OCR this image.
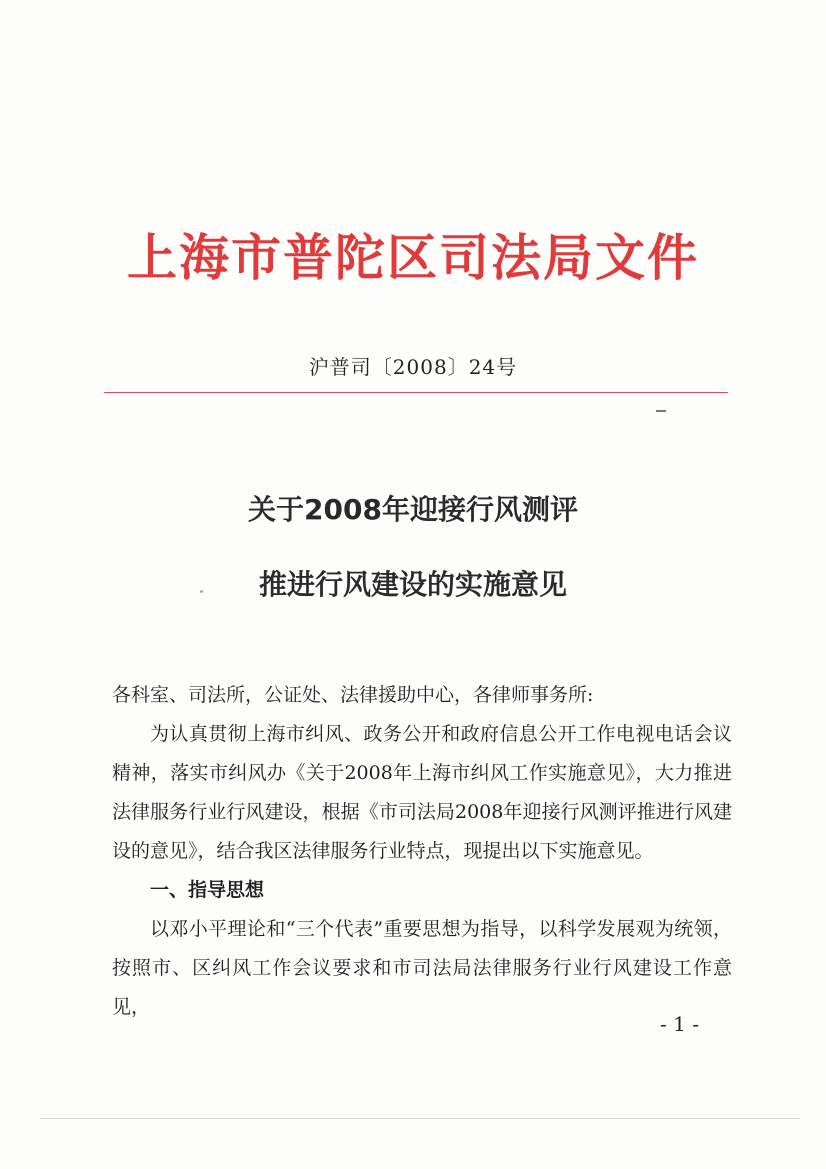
上海市普陀区司法局文件
沪普司〔2008〕24号
关于2008年迎接行风测评
推进行风建设的实施意见
各科室、司法所，公证处、法律援助中心，各律师事务所:
为认真贯彻上海市纠风、政务公开和政府信息公开工作电视电话会议精神，落实市纠风办《关于2008年上海市纠风工作实施意见》，大力推进法律服务行业行风建设，根据《市司法局2008年迎接行风测评推进行风建设的意见》，结合我区法律服务行业特点，现提出以下实施意见。
一、指导思想
以邓小平理论和“三个代表”重要思想为指导，以科学发展观为统领，按照市、区纠风工作会议要求和市司法局法律服务行业行风建设工作意见，
- 1 -
